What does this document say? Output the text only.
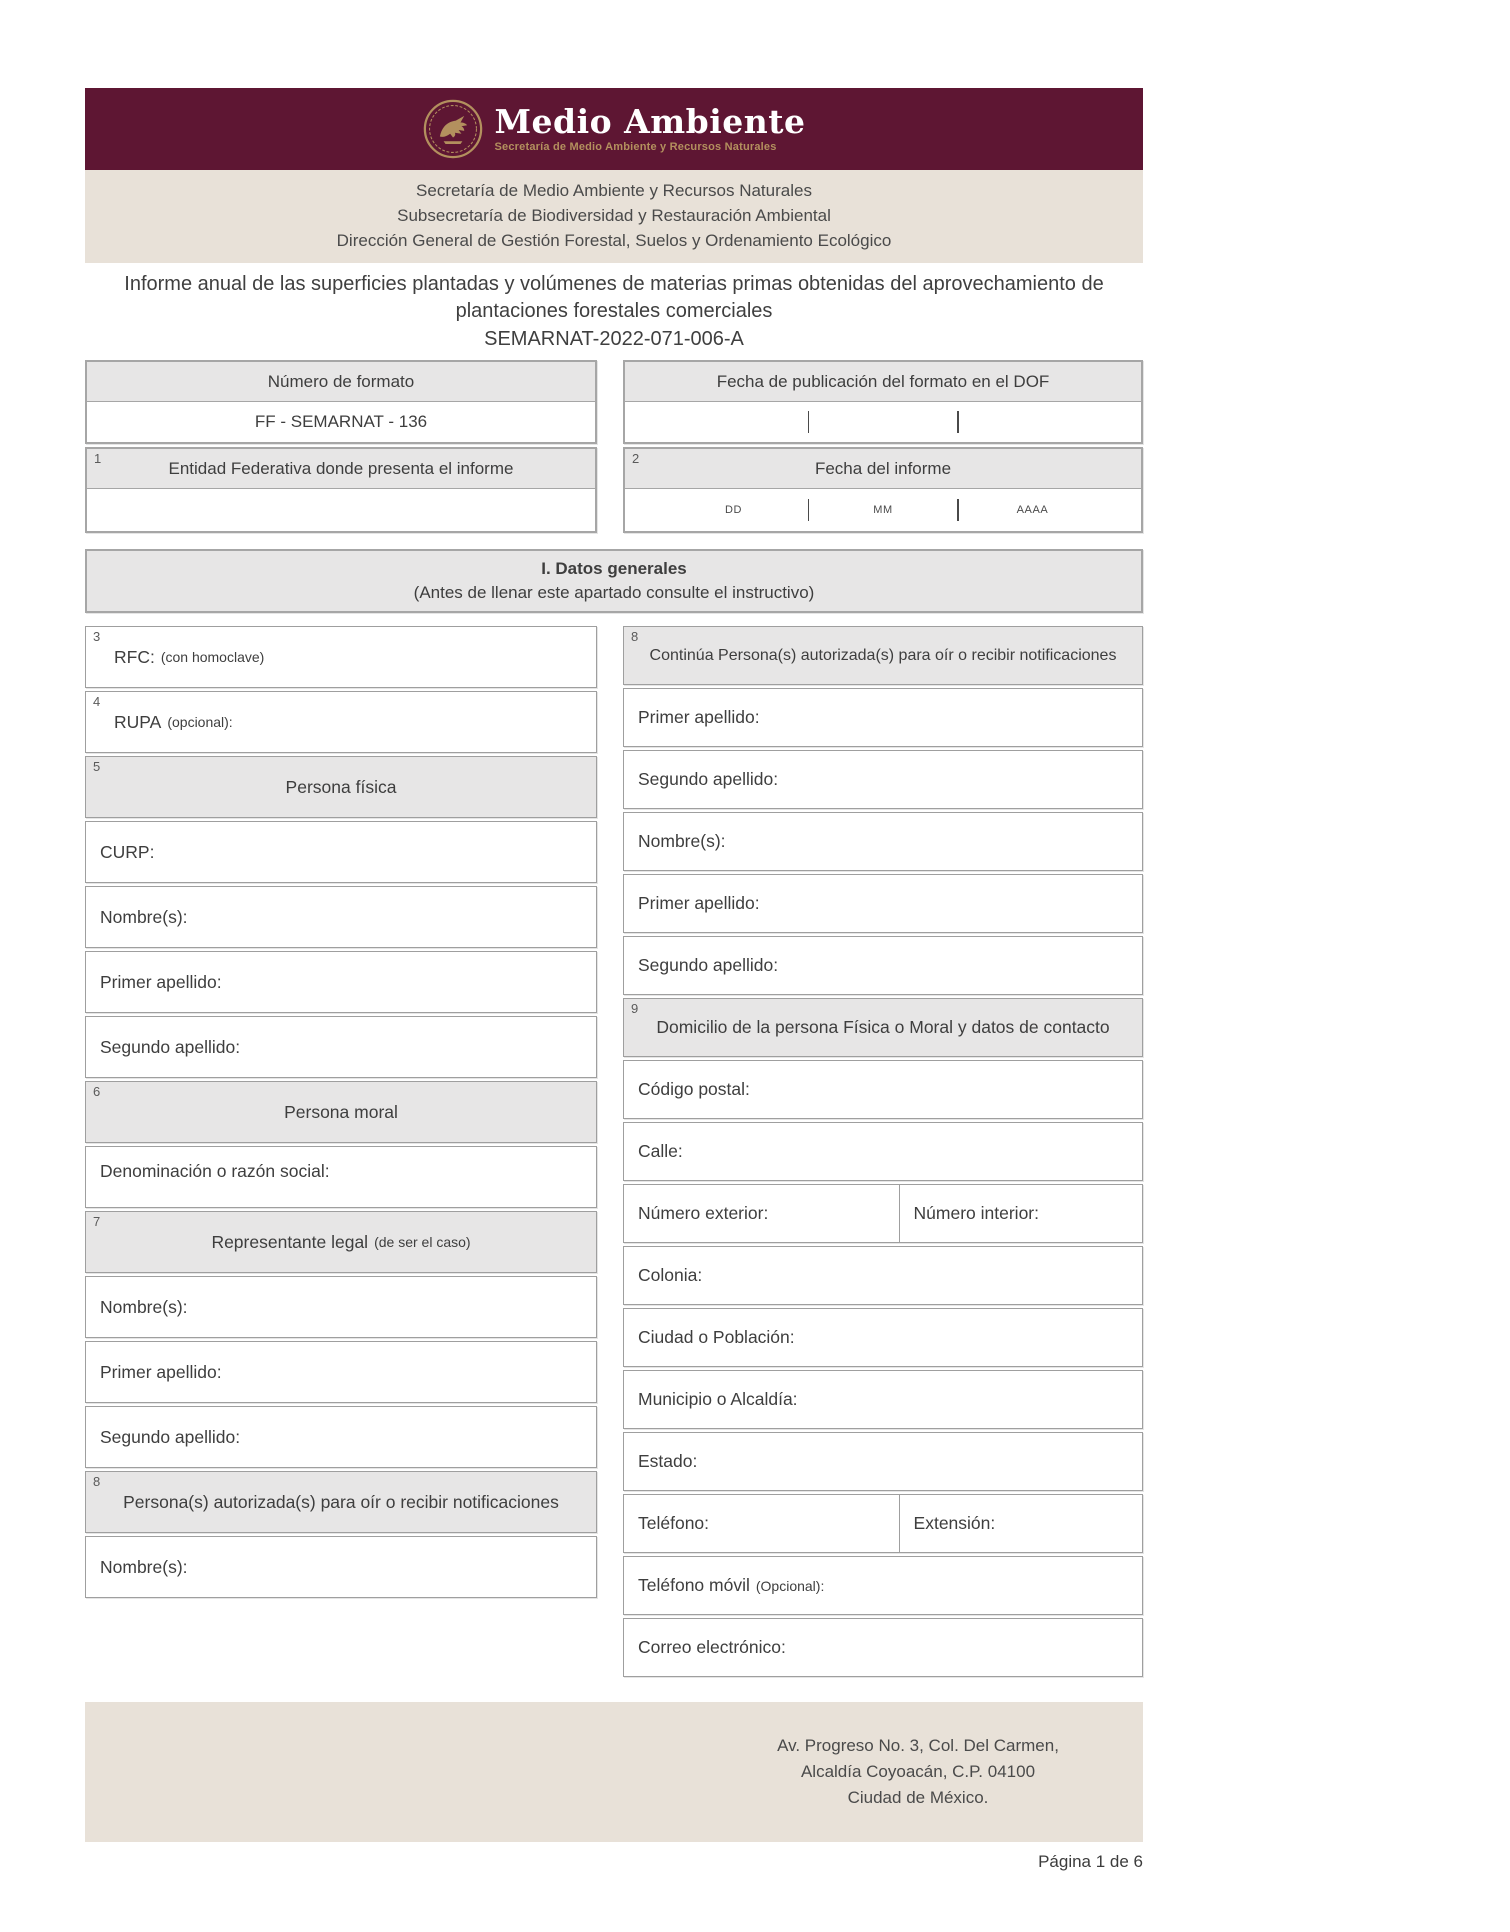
Medio Ambiente
Secretaría de Medio Ambiente y Recursos Naturales
Secretaría de Medio Ambiente y Recursos Naturales
Subsecretaría de Biodiversidad y Restauración Ambiental
Dirección General de Gestión Forestal, Suelos y Ordenamiento Ecológico
Informe anual de las superficies plantadas y volúmenes de materias primas obtenidas del aprovechamiento de plantaciones forestales comerciales
SEMARNAT-2022-071-006-A
Número de formato
FF - SEMARNAT - 136
1	Entidad Federativa donde presenta el informe
Fecha de publicación del formato en el DOF
2	Fecha del informe
DD	MM	AAAA
I. Datos generales
(Antes de llenar este apartado consulte el instructivo)
3
RFC: (con homoclave)
4
RUPA (opcional):
5
Persona física
CURP:
Nombre(s):
Primer apellido:
Segundo apellido:
6
Persona moral
Denominación o razón social:
7
Representante legal (de ser el caso)
Nombre(s):
Primer apellido:
Segundo apellido:
8
Persona(s) autorizada(s) para oír o recibir notificaciones
Nombre(s):
8
Continúa Persona(s) autorizada(s) para oír o recibir notificaciones
Primer apellido:
Segundo apellido:
Nombre(s):
Primer apellido:
Segundo apellido:
9
Domicilio de la persona Física o Moral y datos de contacto
Código postal:
Calle:
Número exterior:	Número interior:
Colonia:
Ciudad o Población:
Municipio o Alcaldía:
Estado:
Teléfono:	Extensión:
Teléfono móvil (Opcional):
Correo electrónico:
Av. Progreso No. 3, Col. Del Carmen,
Alcaldía Coyoacán, C.P. 04100
Ciudad de México.
Página 1 de 6
